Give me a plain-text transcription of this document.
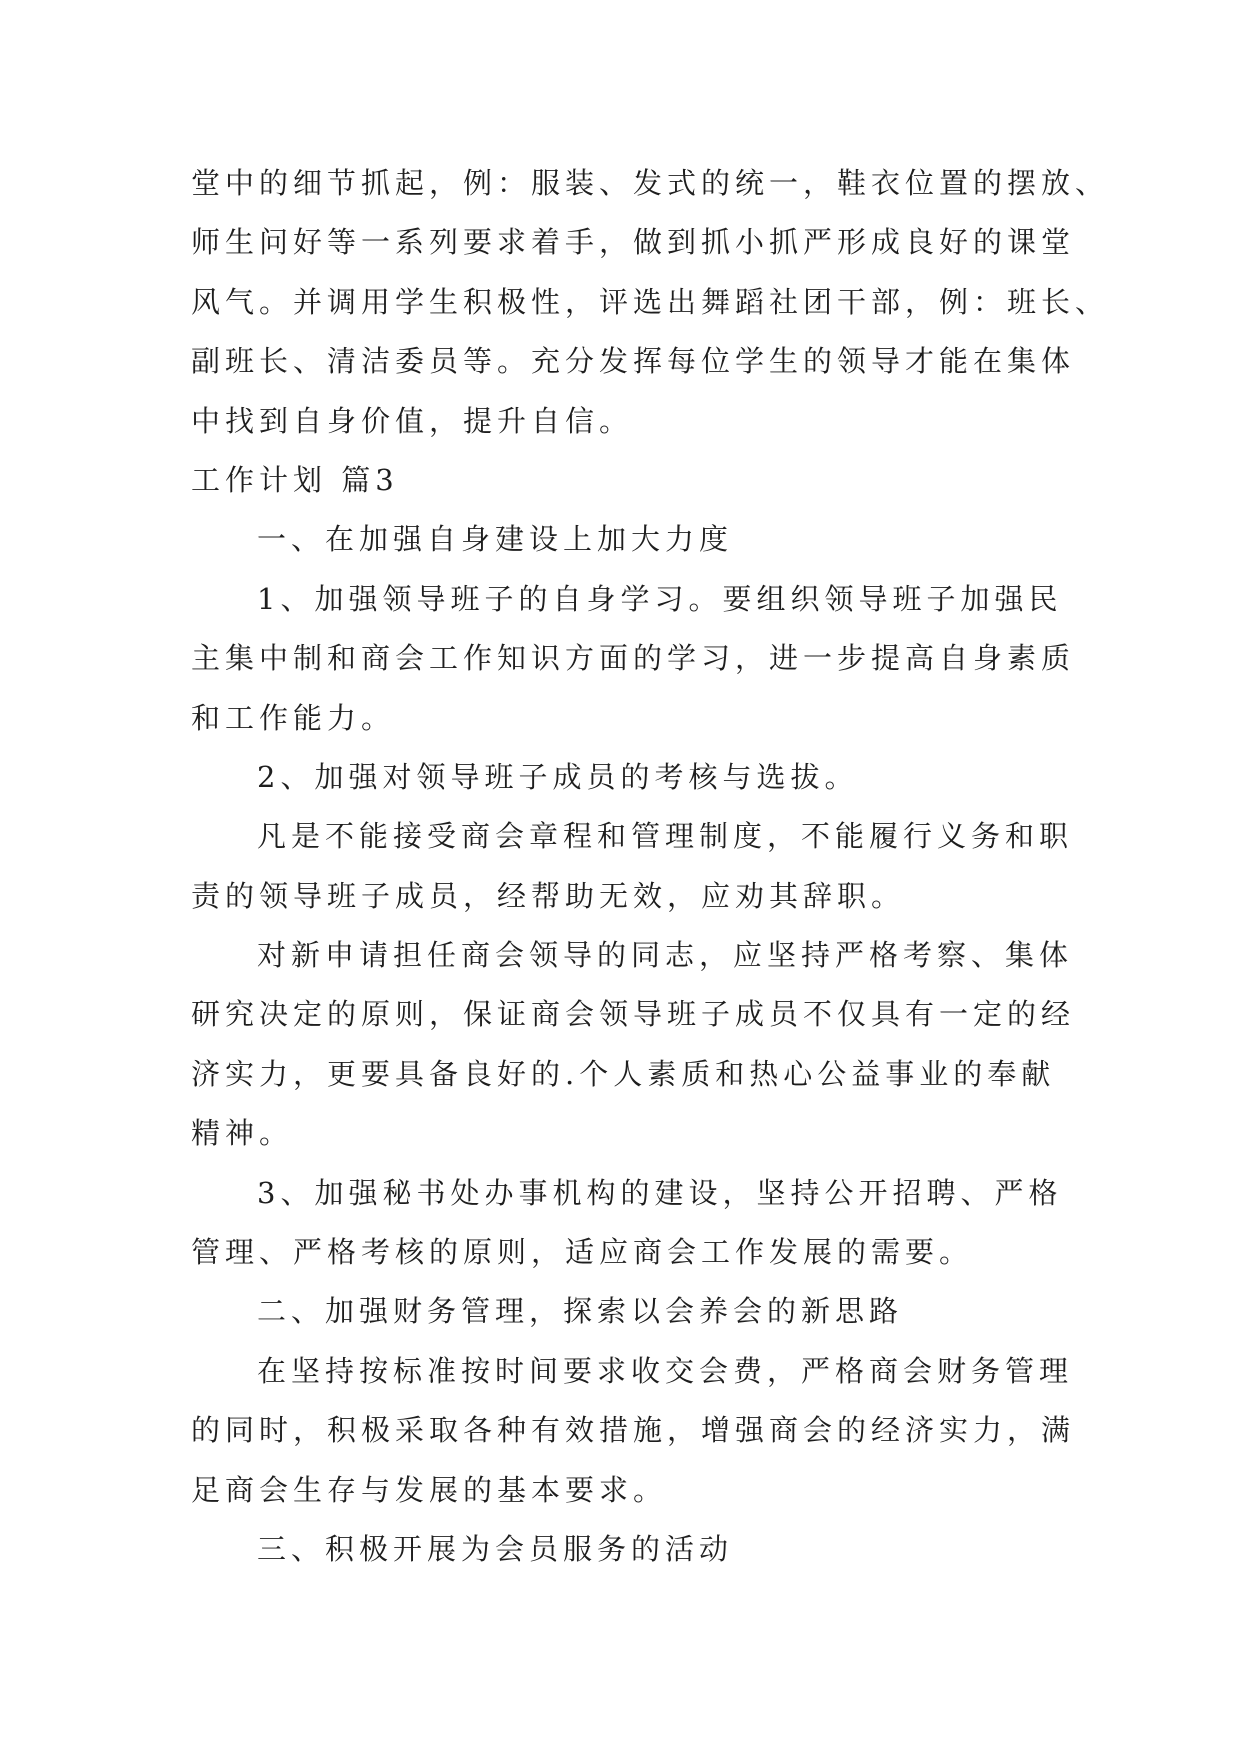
堂中的细节抓起，例：服装、发式的统一，鞋衣位置的摆放、
师生问好等一系列要求着手，做到抓小抓严形成良好的课堂
风气。并调用学生积极性，评选出舞蹈社团干部，例：班长、
副班长、清洁委员等。充分发挥每位学生的领导才能在集体
中找到自身价值，提升自信。
工作计划 篇3
一、在加强自身建设上加大力度
1、加强领导班子的自身学习。要组织领导班子加强民
主集中制和商会工作知识方面的学习，进一步提高自身素质
和工作能力。
2、加强对领导班子成员的考核与选拔。
凡是不能接受商会章程和管理制度，不能履行义务和职
责的领导班子成员，经帮助无效，应劝其辞职。
对新申请担任商会领导的同志，应坚持严格考察、集体
研究决定的原则，保证商会领导班子成员不仅具有一定的经
济实力，更要具备良好的.个人素质和热心公益事业的奉献
精神。
3、加强秘书处办事机构的建设，坚持公开招聘、严格
管理、严格考核的原则，适应商会工作发展的需要。
二、加强财务管理，探索以会养会的新思路
在坚持按标准按时间要求收交会费，严格商会财务管理
的同时，积极采取各种有效措施，增强商会的经济实力，满
足商会生存与发展的基本要求。
三、积极开展为会员服务的活动
